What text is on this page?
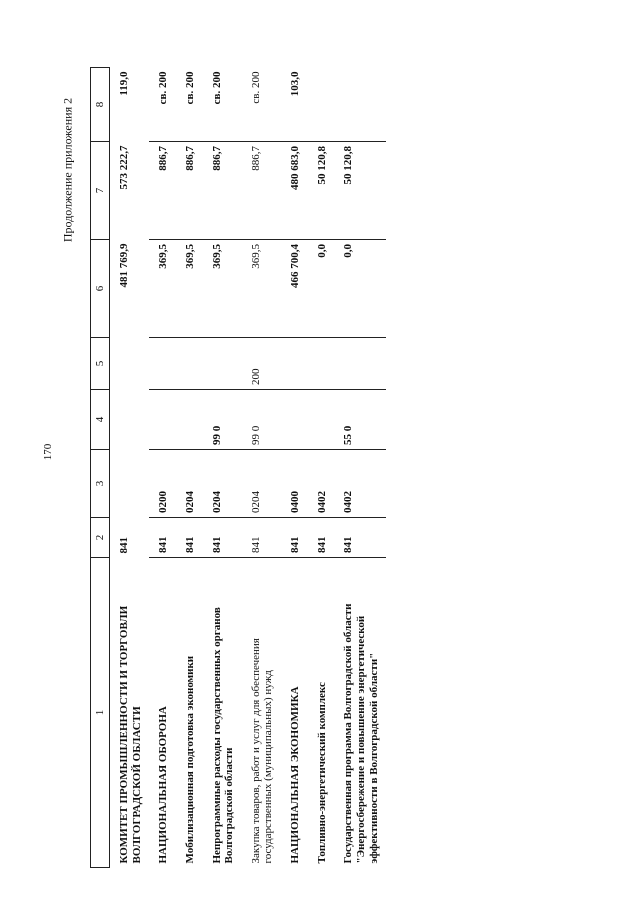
170
Продолжение приложения 2
1	2	3	4	5	6	7	8
КОМИТЕТ ПРОМЫШЛЕННОСТИ И ТОРГОВЛИ ВОЛГОГРАДСКОЙ ОБЛАСТИ	841				481 769,9	573 222,7	119,0
НАЦИОНАЛЬНАЯ ОБОРОНА	841	0200			369,5	886,7	св. 200
Мобилизационная подготовка экономики	841	0204			369,5	886,7	св. 200
Непрограммные расходы государственных органов Волгоградской области	841	0204	99 0		369,5	886,7	св. 200
Закупка товаров, работ и услуг для обеспечения государственных (муниципальных) нужд	841	0204	99 0	200	369,5	886,7	св. 200
НАЦИОНАЛЬНАЯ ЭКОНОМИКА	841	0400			466 700,4	480 683,0	103,0
Топливно-энергетический комплекс	841	0402			0,0	50 120,8	
Государственная программа Волгоградской области "Энергосбережение и повышение энергетической эффективности в Волгоградской области"	841	0402	55 0		0,0	50 120,8	
